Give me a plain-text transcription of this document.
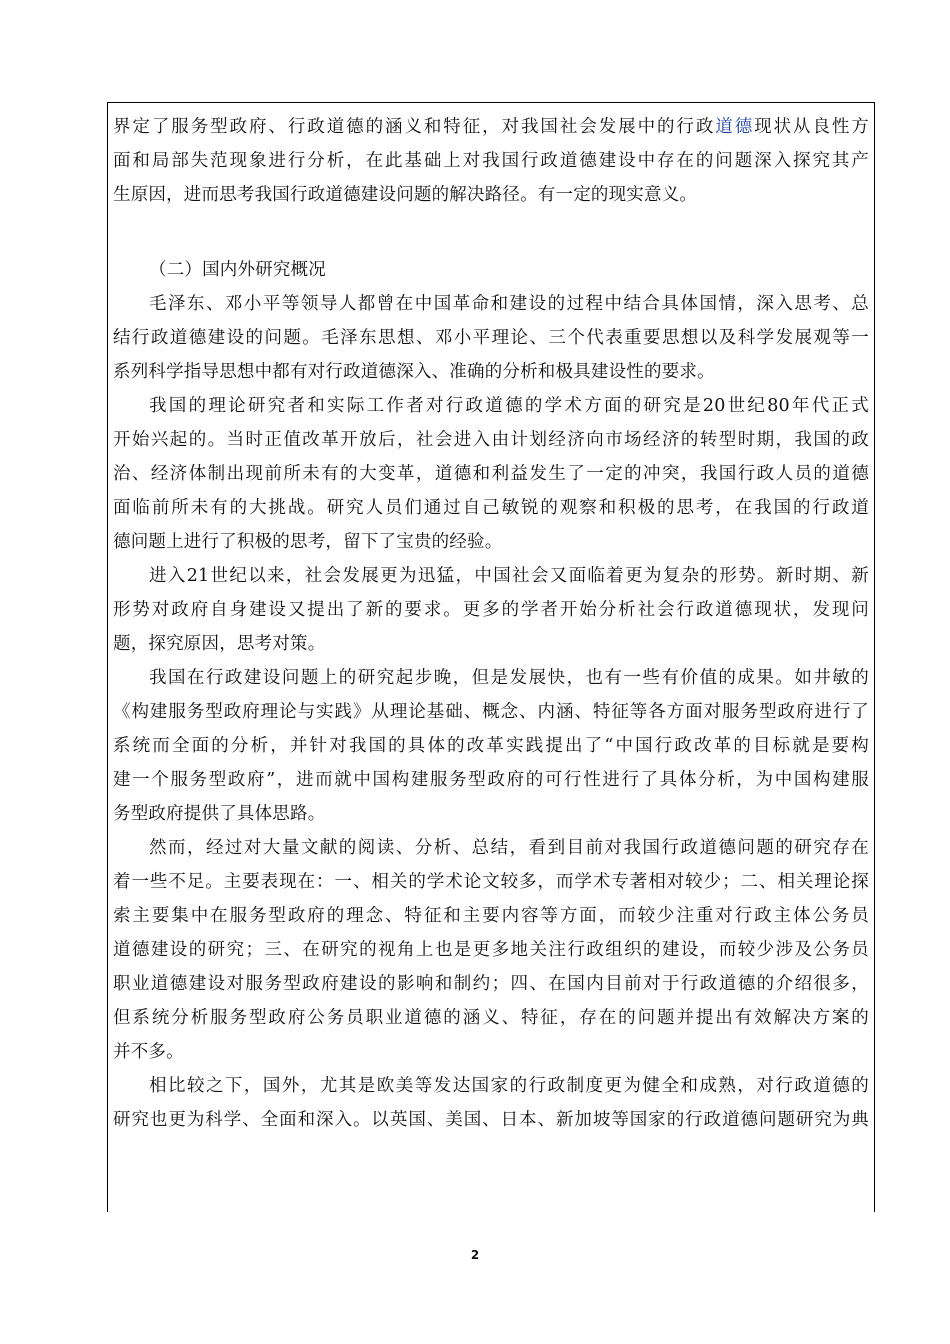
界定了服务型政府、行政道德的涵义和特征，对我国社会发展中的行政道德现状从良性方
面和局部失范现象进行分析，在此基础上对我国行政道德建设中存在的问题深入探究其产
生原因，进而思考我国行政道德建设问题的解决路径。有一定的现实意义。
（二）国内外研究概况
毛泽东、邓小平等领导人都曾在中国革命和建设的过程中结合具体国情，深入思考、总
结行政道德建设的问题。毛泽东思想、邓小平理论、三个代表重要思想以及科学发展观等一
系列科学指导思想中都有对行政道德深入、准确的分析和极具建设性的要求。
我国的理论研究者和实际工作者对行政道德的学术方面的研究是20世纪80年代正式
开始兴起的。当时正值改革开放后，社会进入由计划经济向市场经济的转型时期，我国的政
治、经济体制出现前所未有的大变革，道德和利益发生了一定的冲突，我国行政人员的道德
面临前所未有的大挑战。研究人员们通过自己敏锐的观察和积极的思考，在我国的行政道
德问题上进行了积极的思考，留下了宝贵的经验。
进入21世纪以来，社会发展更为迅猛，中国社会又面临着更为复杂的形势。新时期、新
形势对政府自身建设又提出了新的要求。更多的学者开始分析社会行政道德现状，发现问
题，探究原因，思考对策。
我国在行政建设问题上的研究起步晚，但是发展快，也有一些有价值的成果。如井敏的
《构建服务型政府理论与实践》从理论基础、概念、内涵、特征等各方面对服务型政府进行了
系统而全面的分析，并针对我国的具体的改革实践提出了“中国行政改革的目标就是要构
建一个服务型政府”，进而就中国构建服务型政府的可行性进行了具体分析，为中国构建服
务型政府提供了具体思路。
然而，经过对大量文献的阅读、分析、总结，看到目前对我国行政道德问题的研究存在
着一些不足。主要表现在：一、相关的学术论文较多，而学术专著相对较少；二、相关理论探
索主要集中在服务型政府的理念、特征和主要内容等方面，而较少注重对行政主体公务员
道德建设的研究；三、在研究的视角上也是更多地关注行政组织的建设，而较少涉及公务员
职业道德建设对服务型政府建设的影响和制约；四、在国内目前对于行政道德的介绍很多，
但系统分析服务型政府公务员职业道德的涵义、特征，存在的问题并提出有效解决方案的
并不多。
相比较之下，国外，尤其是欧美等发达国家的行政制度更为健全和成熟，对行政道德的
研究也更为科学、全面和深入。以英国、美国、日本、新加坡等国家的行政道德问题研究为典
2
